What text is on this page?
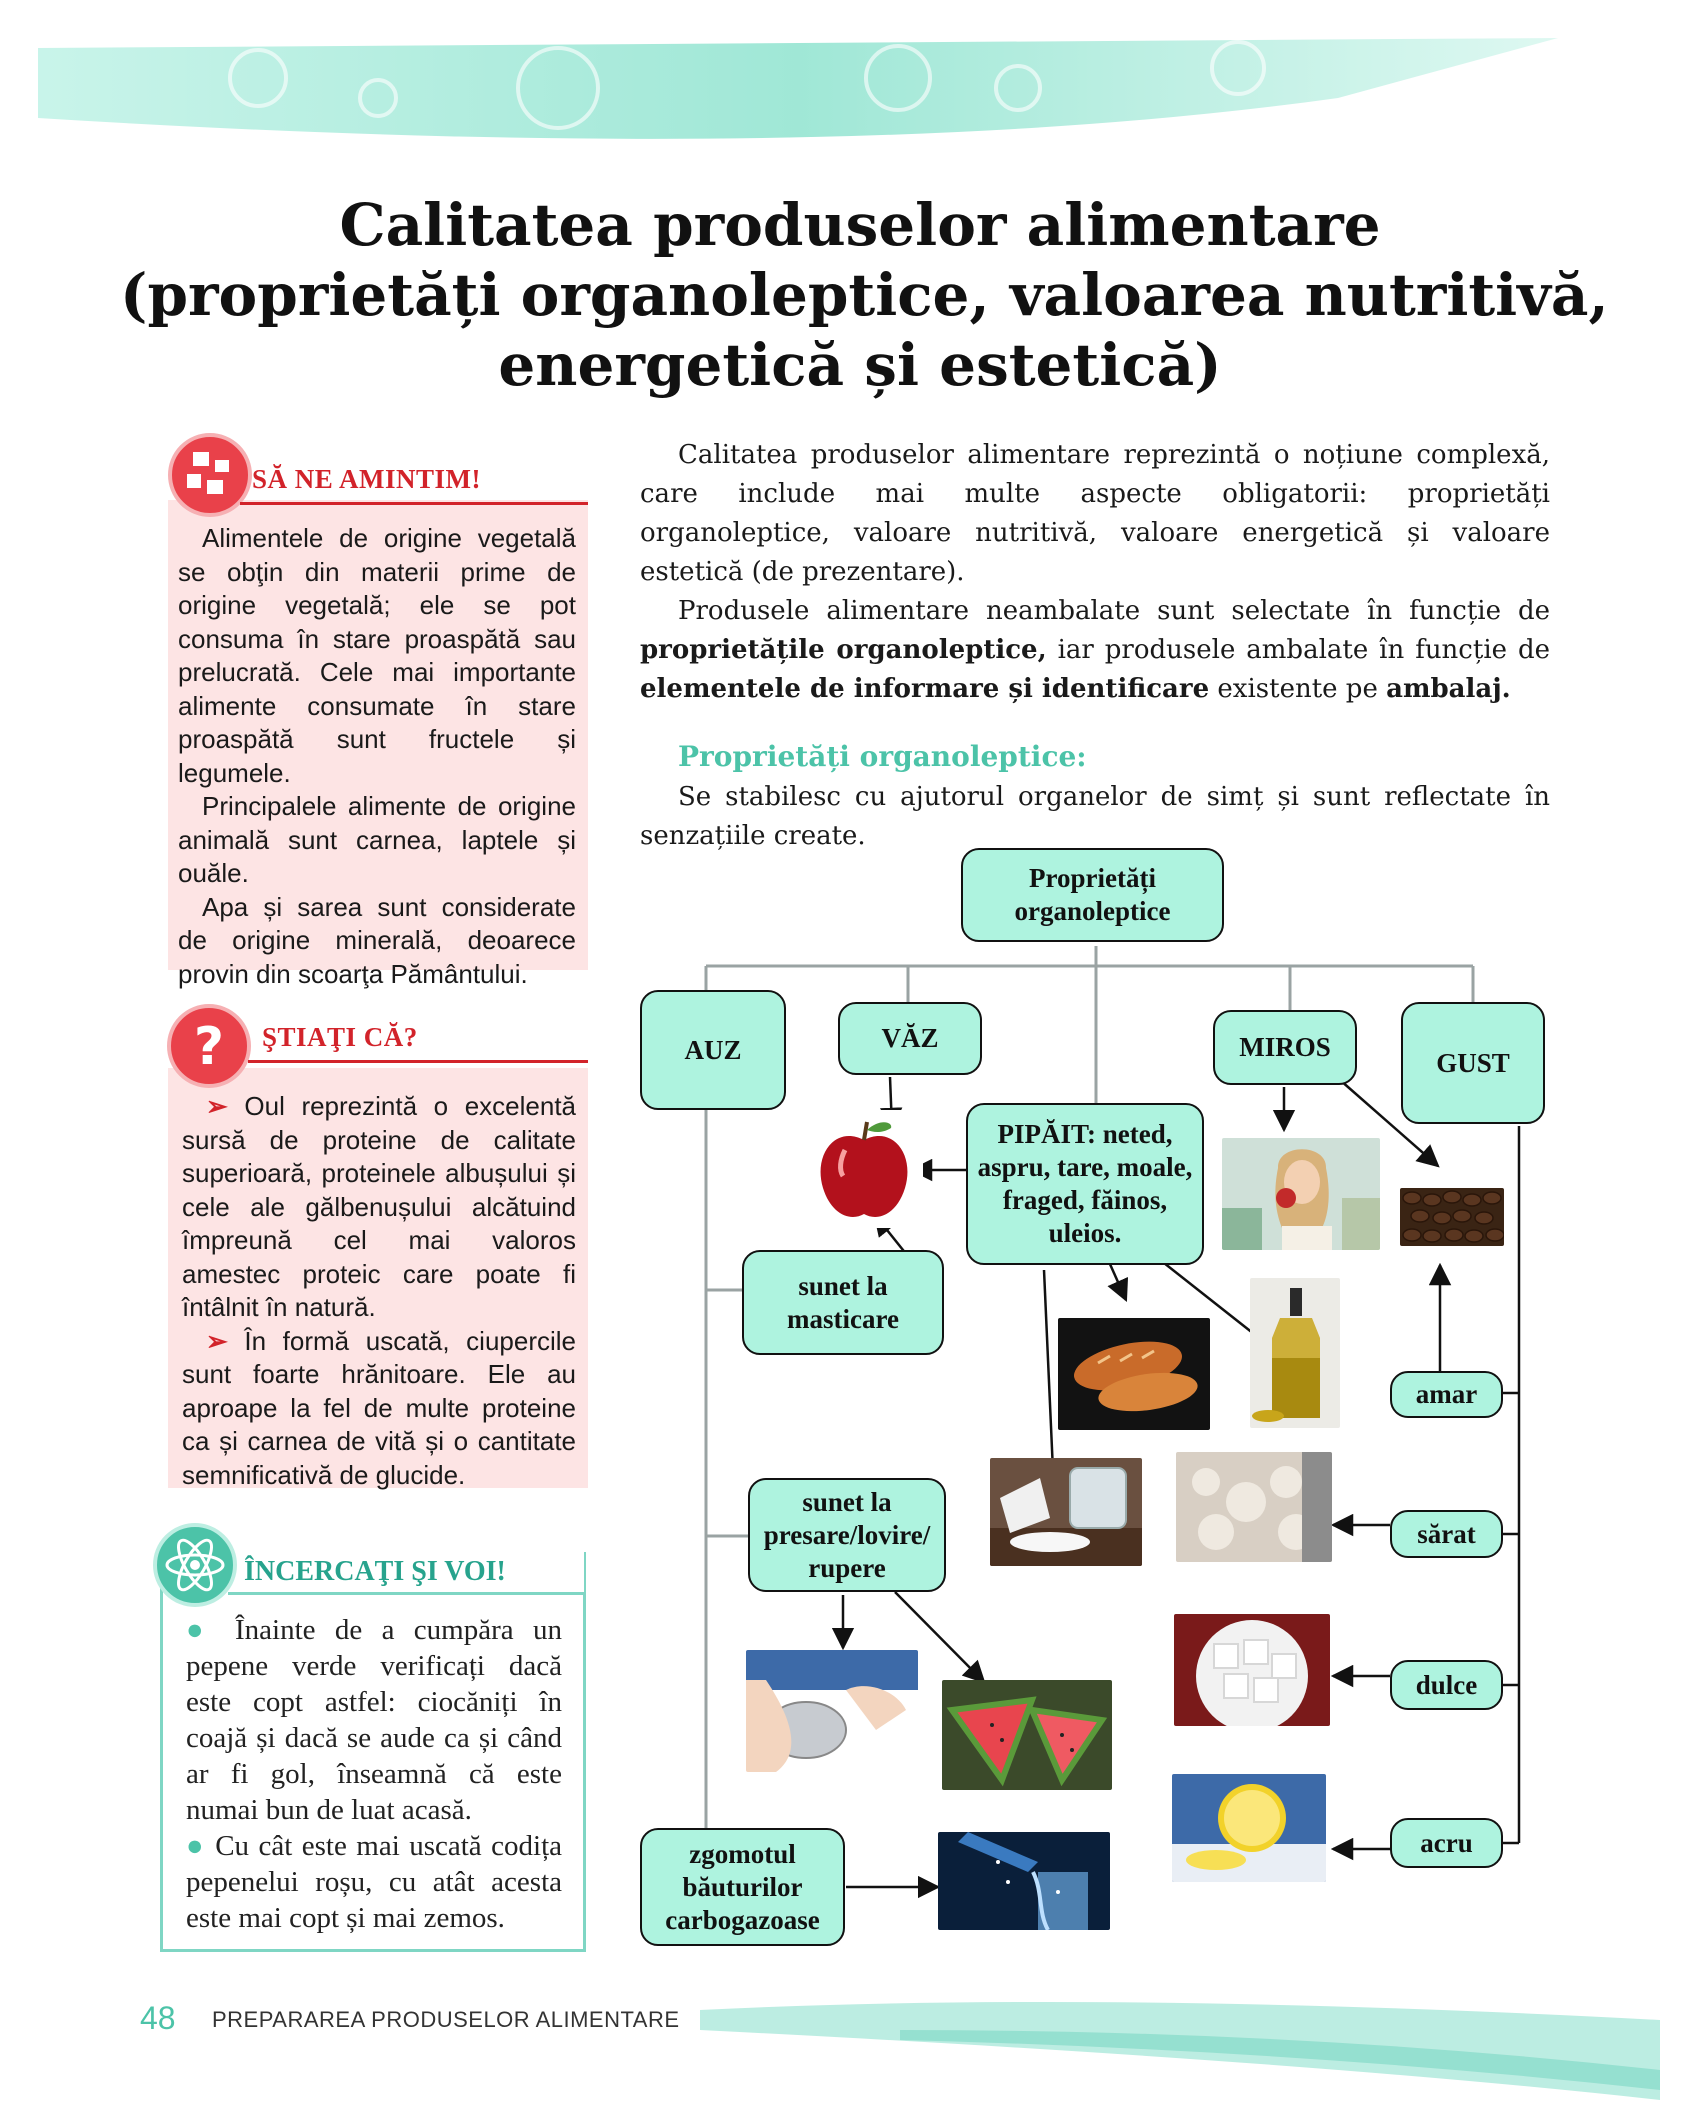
Calitatea produselor alimentare
(proprietăți organoleptice, valoarea nutritivă,
energetică și estetică)
SĂ NE AMINTIM!

Alimentele de origine vegetală se obţin din materii prime de origine vegetală; ele se pot consuma în stare proaspătă sau prelucrată. Cele mai importante alimente consumate în stare proaspătă sunt fructele și legumele.

Principalele alimente de origine animală sunt carnea, laptele și ouăle.

Apa și sarea sunt considerate de origine minerală, deoarece provin din scoarţa Pământului.

? ŞTIAŢI CĂ?

➢ Oul reprezintă o excelentă sursă de proteine de calitate superioară, proteinele albușului și cele ale gălbenușului alcătuind împreună cel mai valoros amestec proteic care poate fi întâlnit în natură.

➢ În formă uscată, ciupercile sunt foarte hrănitoare. Ele au aproape la fel de multe proteine ca și carnea de vită și o cantitate semnificativă de glucide.

ÎNCERCAŢI ŞI VOI!

● Înainte de a cumpăra un pepene verde verificați dacă este copt astfel: ciocăniți în coajă și dacă se aude ca și când ar fi gol, înseamnă că este numai bun de luat acasă.

● Cu cât este mai uscată codița pepenelui roșu, cu atât acesta este mai copt și mai zemos.

Calitatea produselor alimentare reprezintă o noțiune complexă, care include mai multe aspecte obligatorii: proprietăți organoleptice, valoare nutritivă, valoare energetică și valoare estetică (de prezentare).

Produsele alimentare neambalate sunt selectate în funcție de proprietățile organoleptice, iar produsele ambalate în funcție de elementele de informare și identificare existente pe ambalaj.

Proprietăți organoleptice:

Se stabilesc cu ajutorul organelor de simț și sunt reflectate în senzațiile create.

Proprietăți organoleptice
AUZ	VĂZ	MIROS
GUST
PIPĂIT: neted, aspru, tare, moale, fraged, făinos, uleios.
sunet la masticare
sunet la presare/lovire/ rupere
zgomotul băuturilor carbogazoase
amar
sărat
dulce
acru
48 PREPARAREA PRODUSELOR ALIMENTARE
